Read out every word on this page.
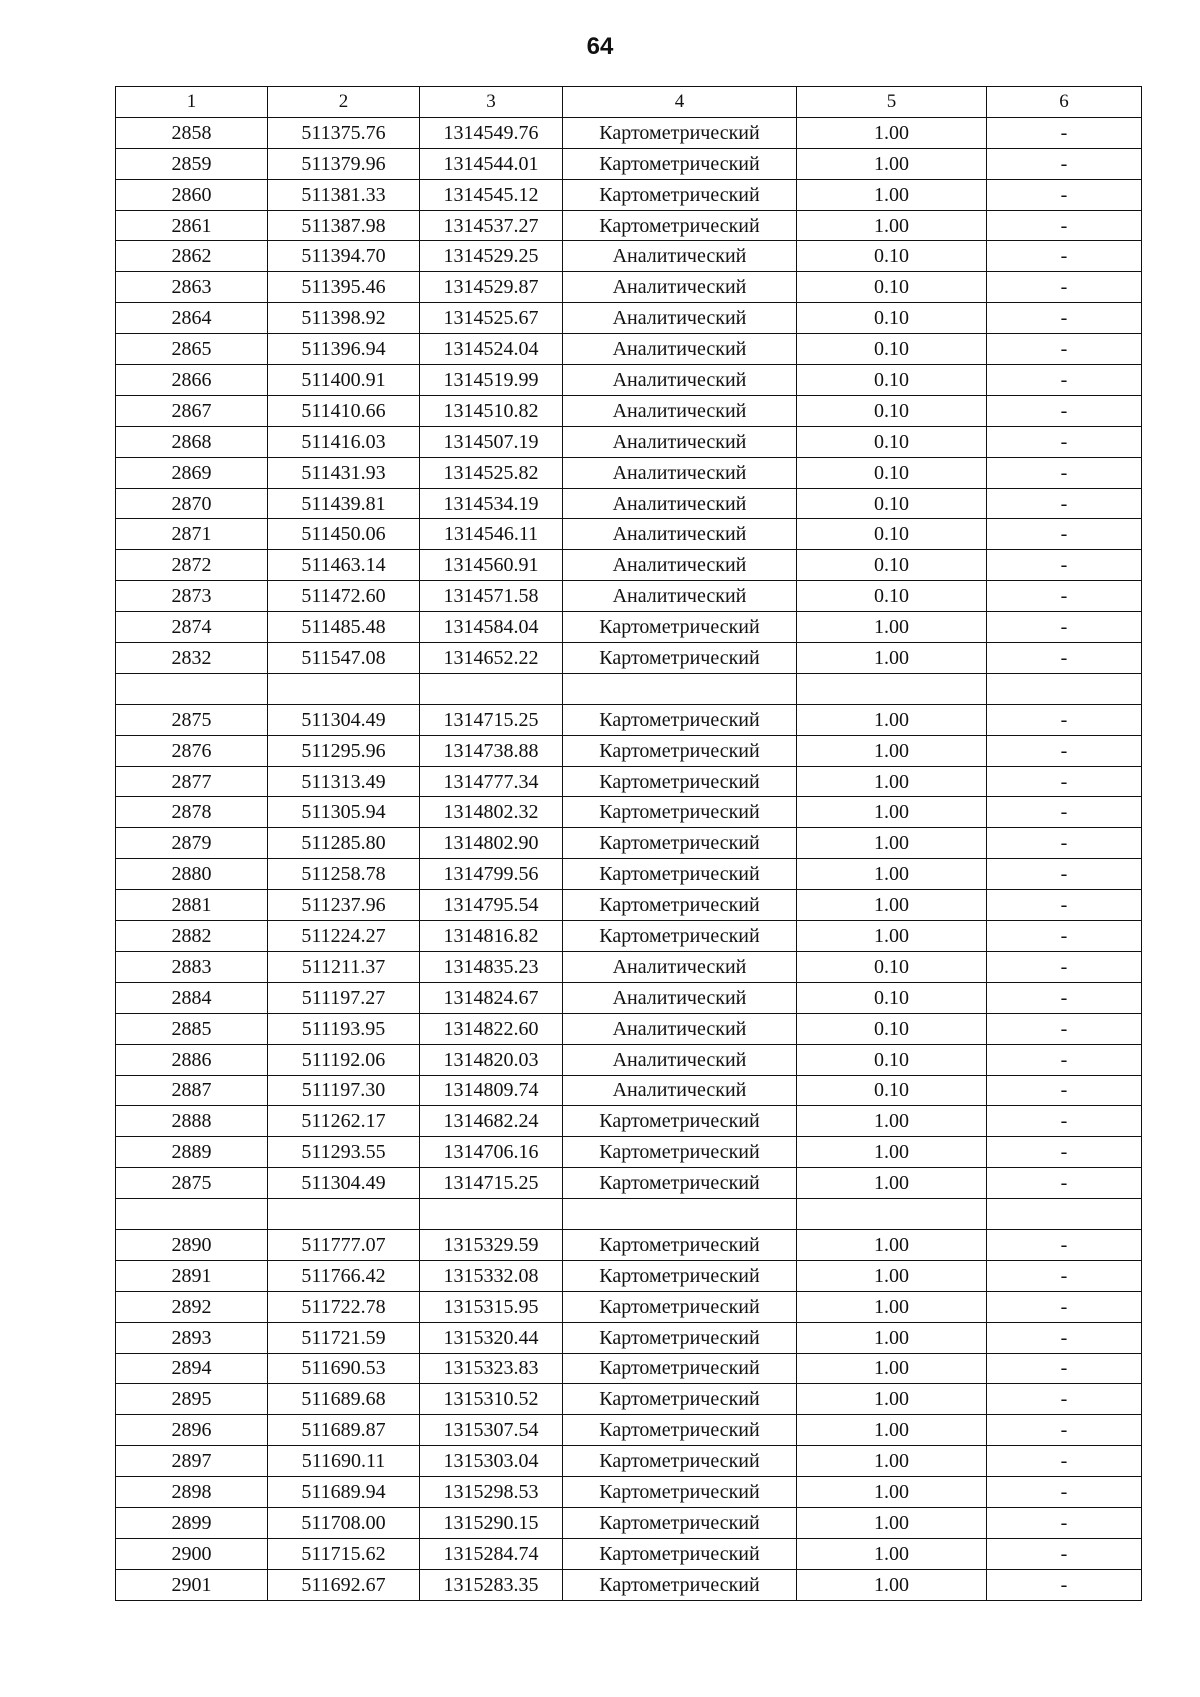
64
1	2	3	4	5	6
2858	511375.76	1314549.76	Картометрический	1.00	-
2859	511379.96	1314544.01	Картометрический	1.00	-
2860	511381.33	1314545.12	Картометрический	1.00	-
2861	511387.98	1314537.27	Картометрический	1.00	-
2862	511394.70	1314529.25	Аналитический	0.10	-
2863	511395.46	1314529.87	Аналитический	0.10	-
2864	511398.92	1314525.67	Аналитический	0.10	-
2865	511396.94	1314524.04	Аналитический	0.10	-
2866	511400.91	1314519.99	Аналитический	0.10	-
2867	511410.66	1314510.82	Аналитический	0.10	-
2868	511416.03	1314507.19	Аналитический	0.10	-
2869	511431.93	1314525.82	Аналитический	0.10	-
2870	511439.81	1314534.19	Аналитический	0.10	-
2871	511450.06	1314546.11	Аналитический	0.10	-
2872	511463.14	1314560.91	Аналитический	0.10	-
2873	511472.60	1314571.58	Аналитический	0.10	-
2874	511485.48	1314584.04	Картометрический	1.00	-
2832	511547.08	1314652.22	Картометрический	1.00	-

2875	511304.49	1314715.25	Картометрический	1.00	-
2876	511295.96	1314738.88	Картометрический	1.00	-
2877	511313.49	1314777.34	Картометрический	1.00	-
2878	511305.94	1314802.32	Картометрический	1.00	-
2879	511285.80	1314802.90	Картометрический	1.00	-
2880	511258.78	1314799.56	Картометрический	1.00	-
2881	511237.96	1314795.54	Картометрический	1.00	-
2882	511224.27	1314816.82	Картометрический	1.00	-
2883	511211.37	1314835.23	Аналитический	0.10	-
2884	511197.27	1314824.67	Аналитический	0.10	-
2885	511193.95	1314822.60	Аналитический	0.10	-
2886	511192.06	1314820.03	Аналитический	0.10	-
2887	511197.30	1314809.74	Аналитический	0.10	-
2888	511262.17	1314682.24	Картометрический	1.00	-
2889	511293.55	1314706.16	Картометрический	1.00	-
2875	511304.49	1314715.25	Картометрический	1.00	-

2890	511777.07	1315329.59	Картометрический	1.00	-
2891	511766.42	1315332.08	Картометрический	1.00	-
2892	511722.78	1315315.95	Картометрический	1.00	-
2893	511721.59	1315320.44	Картометрический	1.00	-
2894	511690.53	1315323.83	Картометрический	1.00	-
2895	511689.68	1315310.52	Картометрический	1.00	-
2896	511689.87	1315307.54	Картометрический	1.00	-
2897	511690.11	1315303.04	Картометрический	1.00	-
2898	511689.94	1315298.53	Картометрический	1.00	-
2899	511708.00	1315290.15	Картометрический	1.00	-
2900	511715.62	1315284.74	Картометрический	1.00	-
2901	511692.67	1315283.35	Картометрический	1.00	-
